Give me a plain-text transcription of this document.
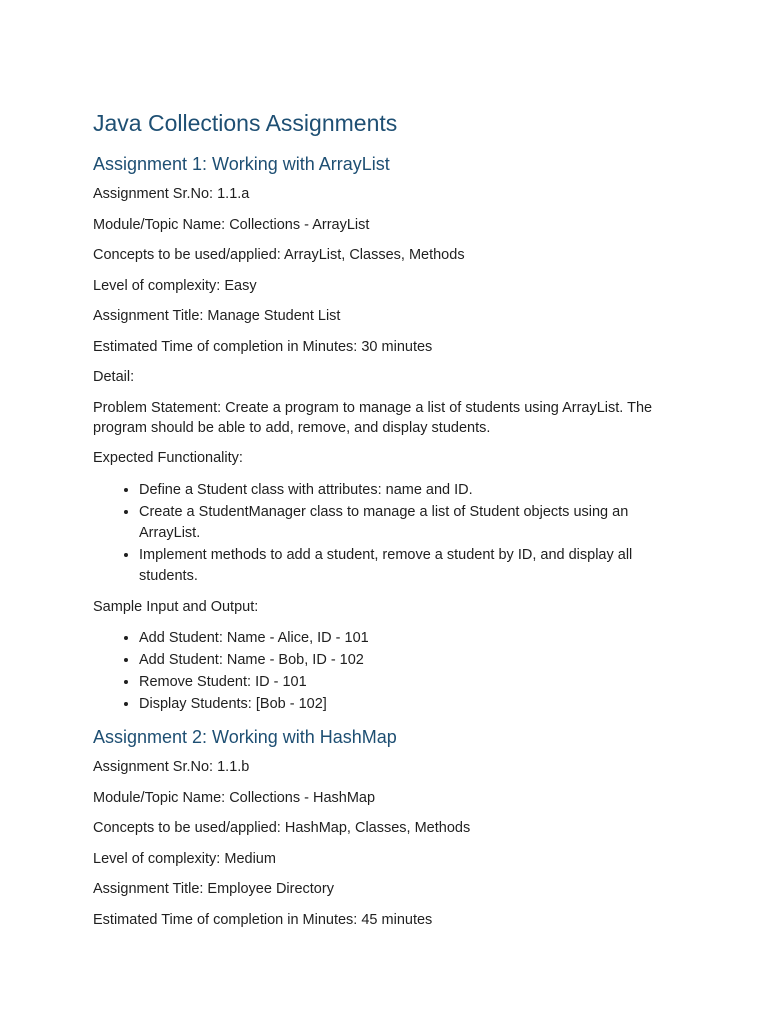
Java Collections Assignments
Assignment 1: Working with ArrayList

Assignment Sr.No: 1.1.a

Module/Topic Name: Collections - ArrayList

Concepts to be used/applied: ArrayList, Classes, Methods

Level of complexity: Easy

Assignment Title: Manage Student List

Estimated Time of completion in Minutes: 30 minutes

Detail:

Problem Statement: Create a program to manage a list of students using ArrayList. The program should be able to add, remove, and display students.

Expected Functionality:

• Define a Student class with attributes: name and ID.
• Create a StudentManager class to manage a list of Student objects using an ArrayList.
• Implement methods to add a student, remove a student by ID, and display all students.

Sample Input and Output:

• Add Student: Name - Alice, ID - 101
• Add Student: Name - Bob, ID - 102
• Remove Student: ID - 101
• Display Students: [Bob - 102]
Assignment 2: Working with HashMap

Assignment Sr.No: 1.1.b

Module/Topic Name: Collections - HashMap

Concepts to be used/applied: HashMap, Classes, Methods

Level of complexity: Medium

Assignment Title: Employee Directory

Estimated Time of completion in Minutes: 45 minutes
